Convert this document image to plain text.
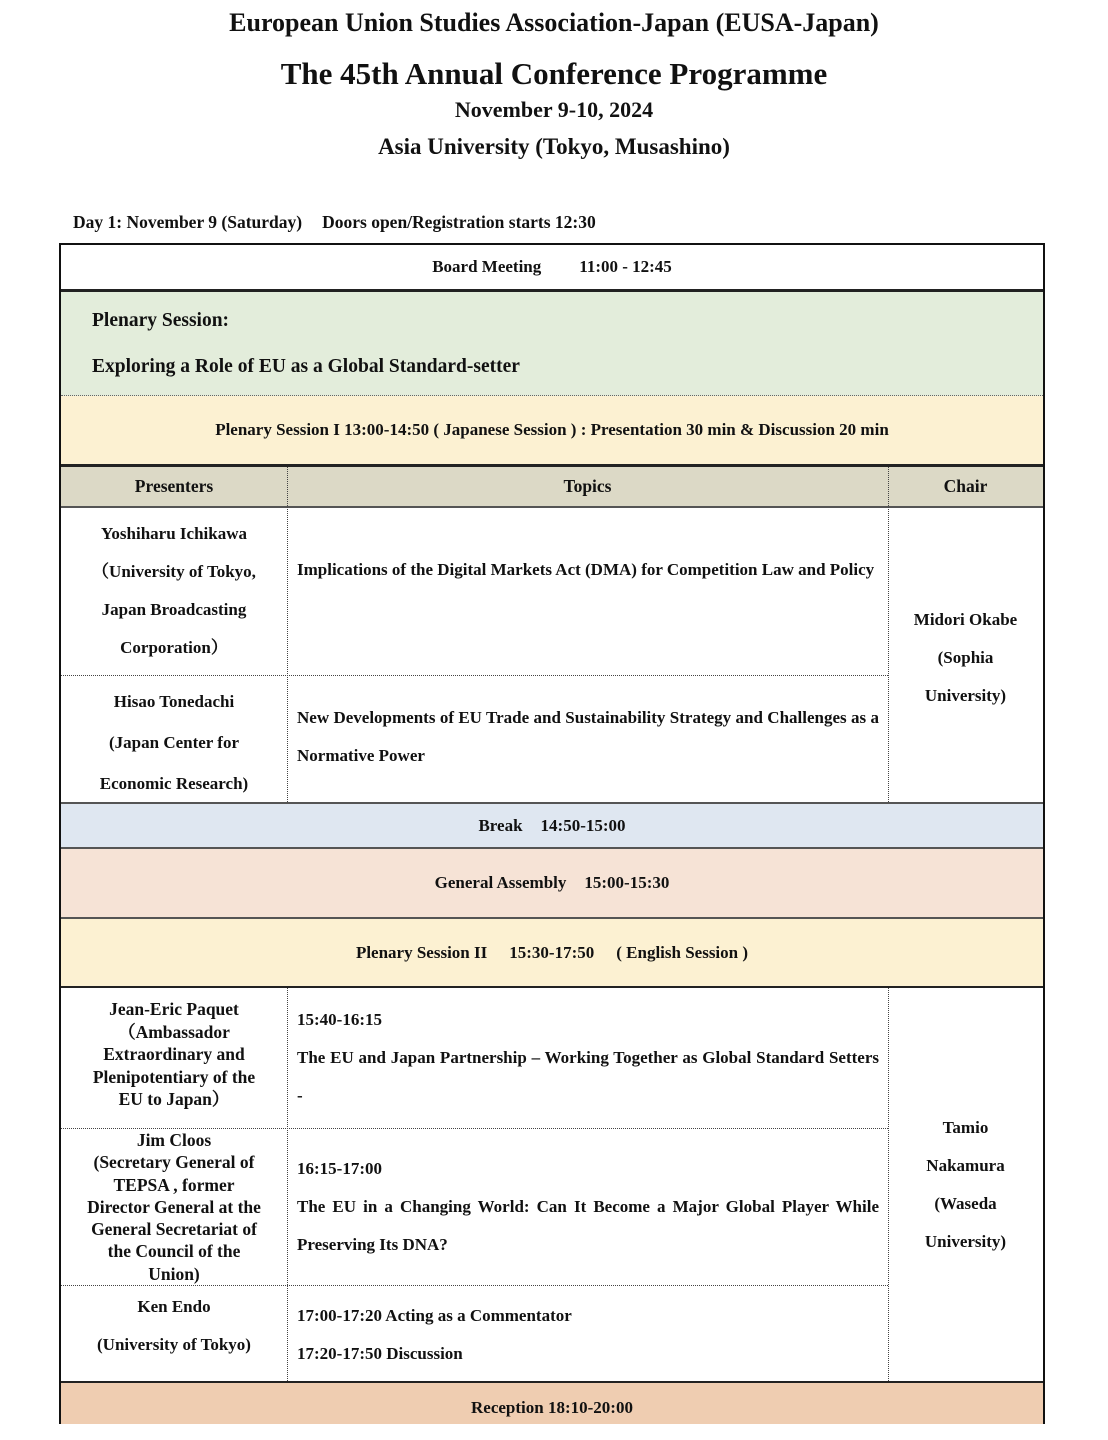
European Union Studies Association-Japan (EUSA-Japan)
The 45th Annual Conference Programme
November 9-10, 2024
Asia University (Tokyo, Musashino)
Day 1: November 9 (Saturday) Doors open/Registration starts 12:30
Board Meeting 11:00 - 12:45
Plenary Session:
Exploring a Role of EU as a Global Standard-setter
Plenary Session I 13:00-14:50 ( Japanese Session ) : Presentation 30 min & Discussion 20 min
Presenters	Topics	Chair
Yoshiharu Ichikawa
（University of Tokyo,
Japan Broadcasting
Corporation）
Implications of the Digital Markets Act (DMA) for Competition Law and Policy
Hisao Tonedachi
(Japan Center for
Economic Research)
New Developments of EU Trade and Sustainability Strategy and Challenges as a Normative Power
Midori Okabe
(Sophia
University)
Break 14:50-15:00
General Assembly 15:00-15:30
Plenary Session II 15:30-17:50 ( English Session )
Jean-Eric Paquet
（Ambassador
Extraordinary and
Plenipotentiary of the
EU to Japan）
15:40-16:15
The EU and Japan Partnership – Working Together as Global Standard Setters -
Jim Cloos
(Secretary General of
TEPSA , former
Director General at the
General Secretariat of
the Council of the
Union)
16:15-17:00
The EU in a Changing World: Can It Become a Major Global Player While Preserving Its DNA?
Ken Endo
(University of Tokyo)
17:00-17:20 Acting as a Commentator
17:20-17:50 Discussion
Tamio
Nakamura
(Waseda
University)
Reception 18:10-20:00
